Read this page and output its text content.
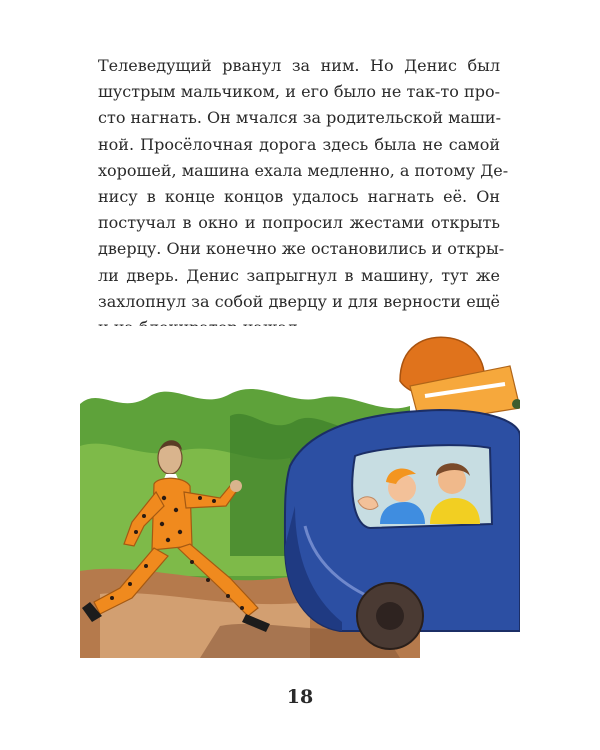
Телеведущий рванул за ним. Но Денис был
шустрым мальчиком, и его было не так-то про-
сто нагнать. Он мчался за родительской маши-
ной. Просёлочная дорога здесь была не самой
хорошей, машина ехала медленно, а потому Де-
нису в конце концов удалось нагнать её. Он
постучал в окно и попросил жестами открыть
дверцу. Они конечно же остановились и откры-
ли дверь. Денис запрыгнул в машину, тут же
захлопнул за собой дверцу и для верности ещё
18
